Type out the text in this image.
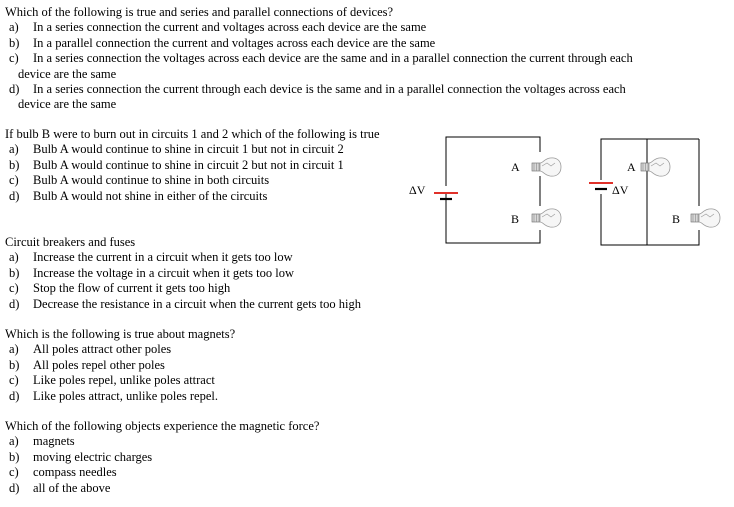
Which of the following is true and series and parallel connections of devices?

a)	In a series connection the current and voltages across each device are the same
b)	In a parallel connection the current and voltages across each device are the same
c)	In a series connection the voltages across each device are the same and in a parallel connection the current through each
device are the same
d)	In a series connection the current through each device is the same and in a parallel connection the voltages across each
device are the same

If bulb B were to burn out in circuits 1 and 2 which of the following is true

a)	Bulb A would continue to shine in circuit 1 but not in circuit 2
b)	Bulb A would continue to shine in circuit 2 but not in circuit 1
c)	Bulb A would continue to shine in both circuits
d)	Bulb A would not shine in either of the circuits	ΔV
A
B
ΔV
A
B

Circuit breakers and fuses

a)	Increase the current in a circuit when it gets too low
b)	Increase the voltage in a circuit when it gets too low
c)	Stop the flow of current it gets too high
d)	Decrease the resistance in a circuit when the current gets too high

Which is the following is true about magnets?

a)	All poles attract other poles
b)	All poles repel other poles
c)	Like poles repel, unlike poles attract
d)	Like poles attract, unlike poles repel.

Which of the following objects experience the magnetic force?

a)	magnets
b)	moving electric charges
c)	compass needles
d)	all of the above
